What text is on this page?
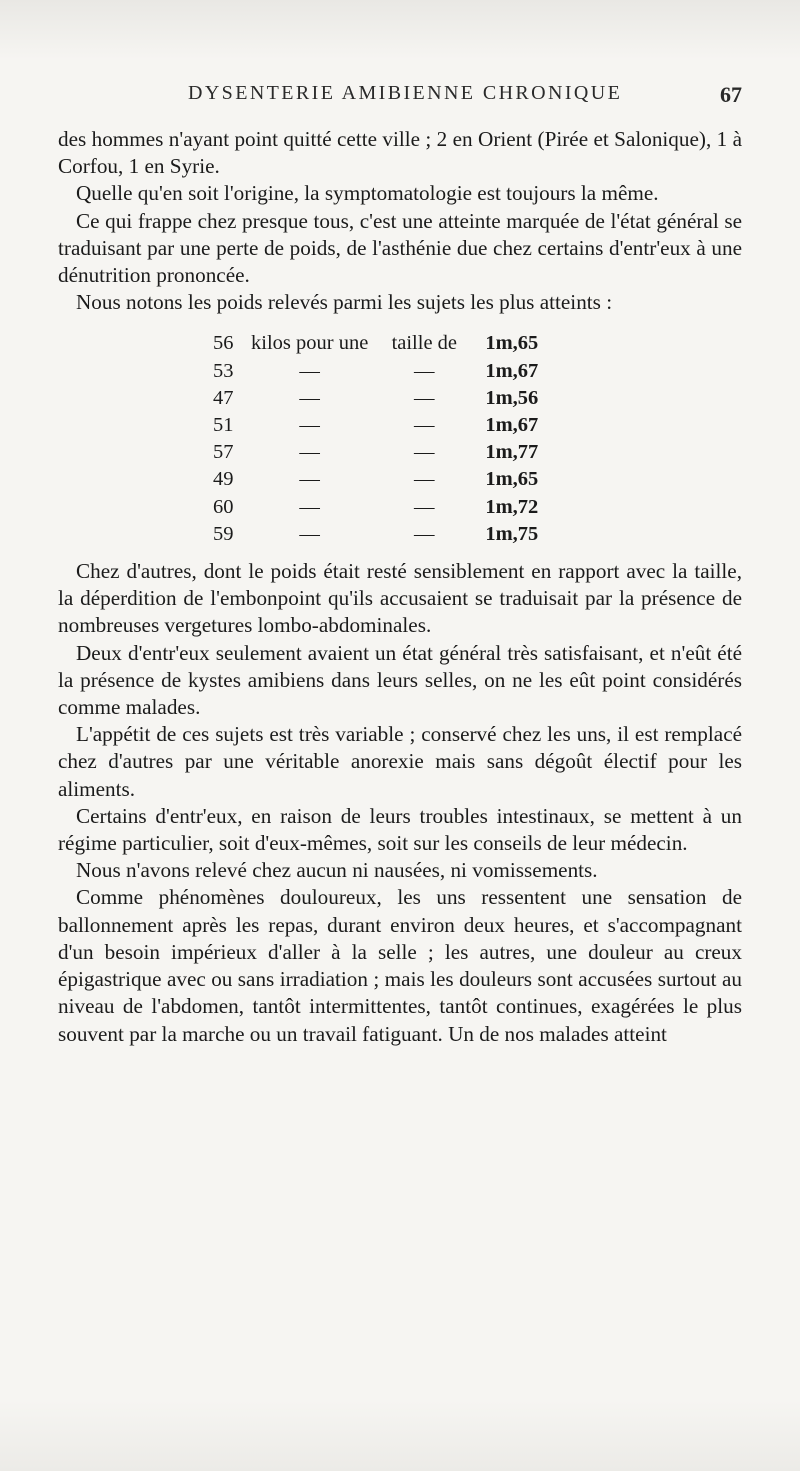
DYSENTERIE AMIBIENNE CHRONIQUE	67

des hommes n'ayant point quitté cette ville ; 2 en Orient (Pirée et Salonique), 1 à Corfou, 1 en Syrie.

Quelle qu'en soit l'origine, la symptomatologie est toujours la même.

Ce qui frappe chez presque tous, c'est une atteinte marquée de l'état général se traduisant par une perte de poids, de l'asthénie due chez certains d'entr'eux à une dénutrition prononcée.

Nous notons les poids relevés parmi les sujets les plus atteints :

56	kilos pour une	taille de	1m,65
53	—	—	1m,67
47	—	—	1m,56
51	—	—	1m,67
57	—	—	1m,77
49	—	—	1m,65
60	—	—	1m,72
59	—	—	1m,75

Chez d'autres, dont le poids était resté sensiblement en rapport avec la taille, la déperdition de l'embonpoint qu'ils accusaient se traduisait par la présence de nombreuses vergetures lombo-abdominales.

Deux d'entr'eux seulement avaient un état général très satisfaisant, et n'eût été la présence de kystes amibiens dans leurs selles, on ne les eût point considérés comme malades.

L'appétit de ces sujets est très variable ; conservé chez les uns, il est remplacé chez d'autres par une véritable anorexie mais sans dégoût électif pour les aliments.

Certains d'entr'eux, en raison de leurs troubles intestinaux, se mettent à un régime particulier, soit d'eux-mêmes, soit sur les conseils de leur médecin.

Nous n'avons relevé chez aucun ni nausées, ni vomissements.

Comme phénomènes douloureux, les uns ressentent une sensation de ballonnement après les repas, durant environ deux heures, et s'accompagnant d'un besoin impérieux d'aller à la selle ; les autres, une douleur au creux épigastrique avec ou sans irradiation ; mais les douleurs sont accusées surtout au niveau de l'abdomen, tantôt intermittentes, tantôt continues, exagérées le plus souvent par la marche ou un travail fatiguant. Un de nos malades atteint
